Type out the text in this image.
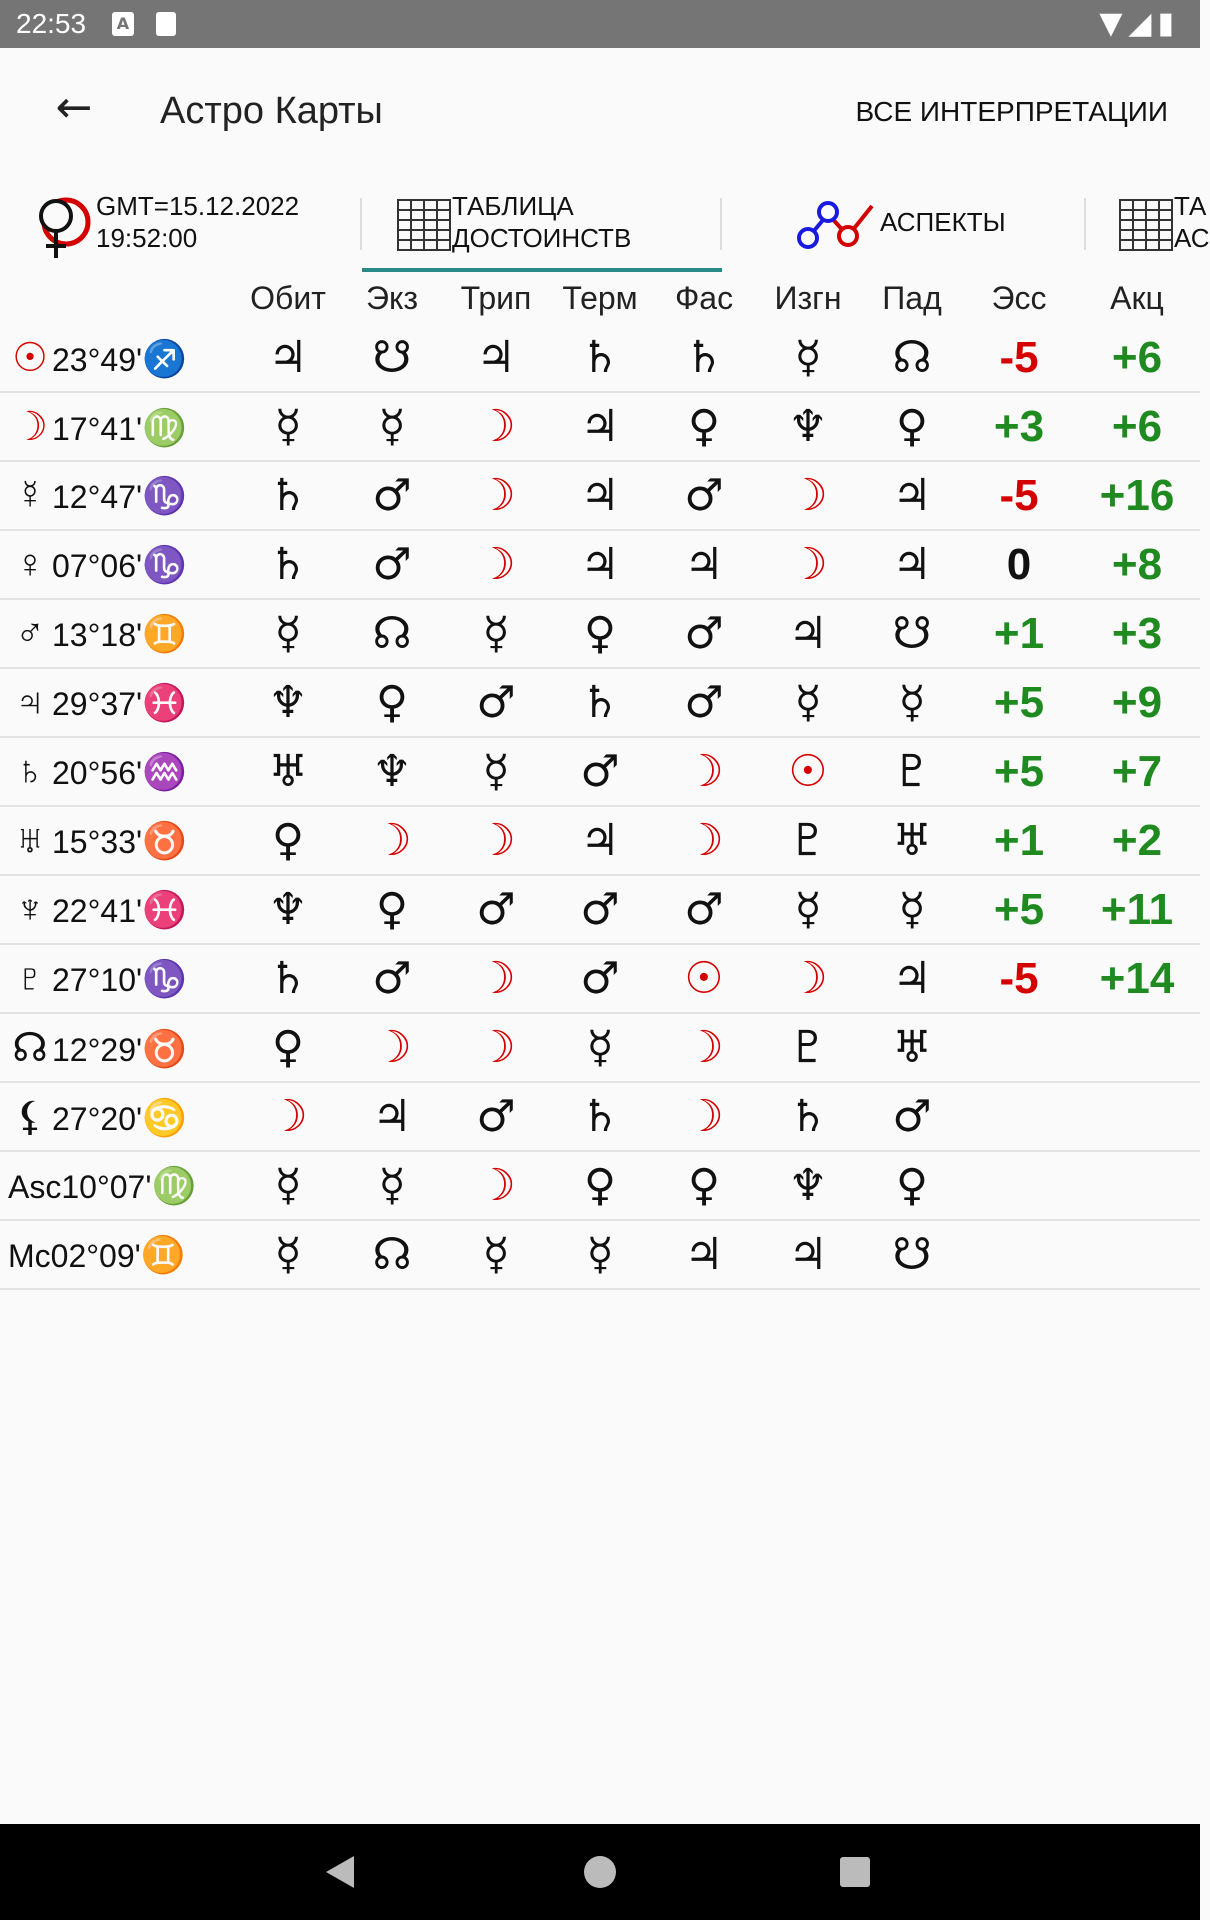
22:53 A	▼◢▮
← Астро Карты	ВСЕ ИНТЕРПРЕТАЦИИ
GMT=15.12.2022
19:52:00
ТАБЛИЦА
ДОСТОИНСТВ
АСПЕКТЫ
ТА
АС
	Обит	Экз	Трип	Терм	Фас	Изгн	Пад	Эсс	Акц
☉ 23°49'♐	♃	☋	♃	♄	♄	☿	☊	-5	+6
☽ 17°41'♍	☿	☿	☽	♃	♀	♆	♀	+3	+6
☿ 12°47'♑	♄	♂	☽	♃	♂	☽	♃	-5	+16
♀ 07°06'♑	♄	♂	☽	♃	♃	☽	♃	0	+8
♂ 13°18'♊	☿	☊	☿	♀	♂	♃	☋	+1	+3
♃ 29°37'♓	♆	♀	♂	♄	♂	☿	☿	+5	+9
♄ 20°56'♒	♅	♆	☿	♂	☽	☉	♇	+5	+7
♅ 15°33'♉	♀	☽	☽	♃	☽	♇	♅	+1	+2
♆ 22°41'♓	♆	♀	♂	♂	♂	☿	☿	+5	+11
♇ 27°10'♑	♄	♂	☽	♂	☉	☽	♃	-5	+14
☊ 12°29'♉	♀	☽	☽	☿	☽	♇	♅		
⚸ 27°20'♋	☽	♃	♂	♄	☽	♄	♂		
Asc10°07'♍	☿	☿	☽	♀	♀	♆	♀		
Mc02°09'♊	☿	☊	☿	☿	♃	♃	☋		
